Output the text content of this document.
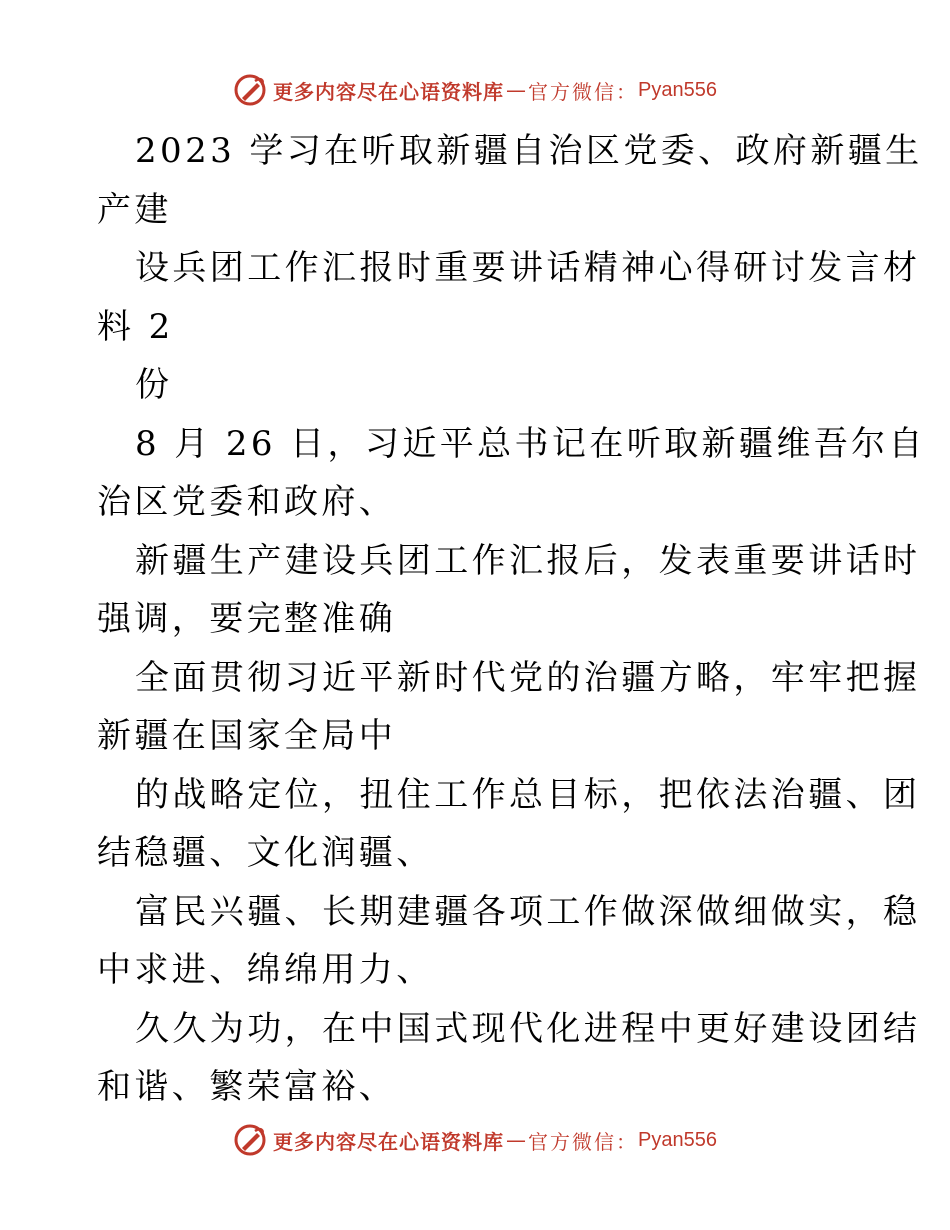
更多内容尽在心语资料库 — 官方微信： Pyan556
2023 学习在听取新疆自治区党委、政府新疆生
产建
设兵团工作汇报时重要讲话精神心得研讨发言材
料 2
份
8 月 26 日，习近平总书记在听取新疆维吾尔自
治区党委和政府、
新疆生产建设兵团工作汇报后，发表重要讲话时
强调，要完整准确
全面贯彻习近平新时代党的治疆方略，牢牢把握
新疆在国家全局中
的战略定位，扭住工作总目标，把依法治疆、团
结稳疆、文化润疆、
富民兴疆、长期建疆各项工作做深做细做实，稳
中求进、绵绵用力、
久久为功，在中国式现代化进程中更好建设团结
和谐、繁荣富裕、
更多内容尽在心语资料库 — 官方微信： Pyan556
